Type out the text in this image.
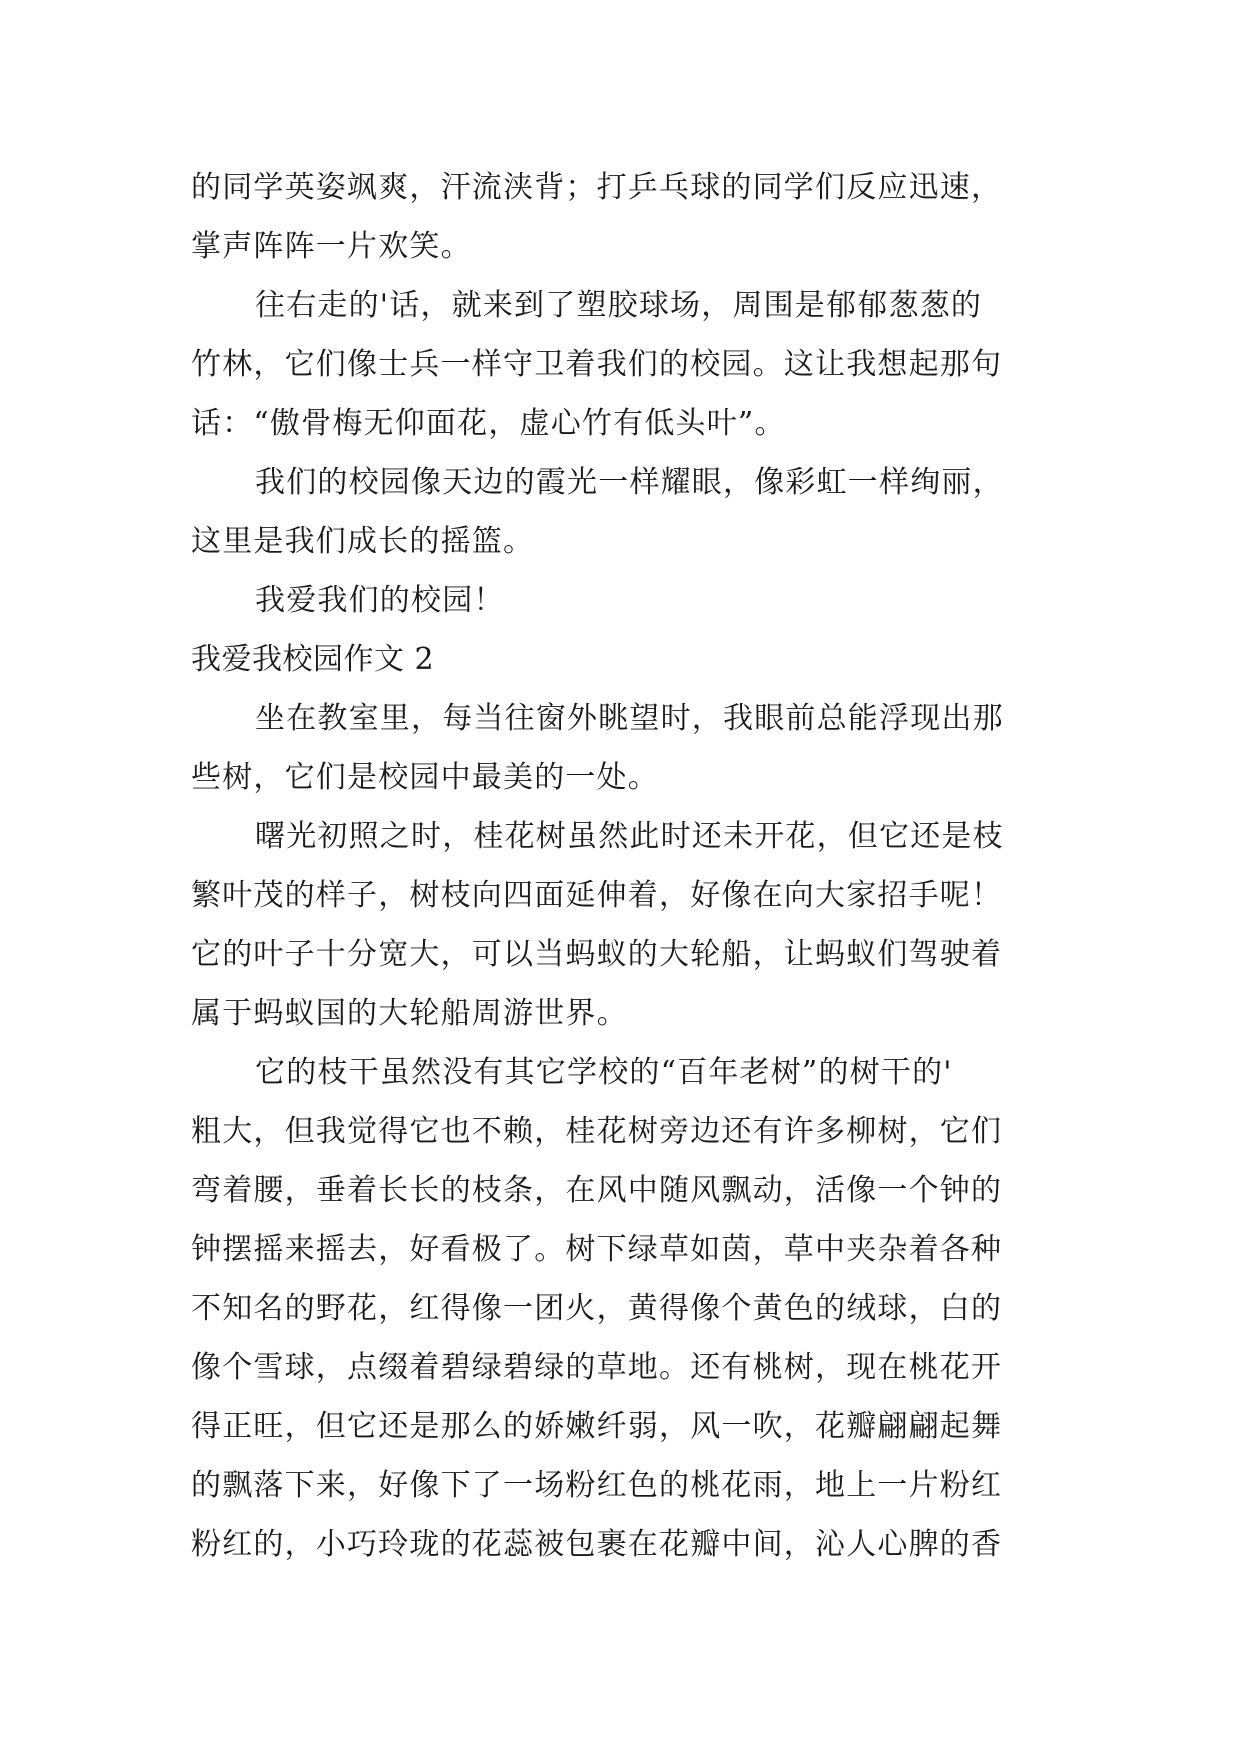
的同学英姿飒爽，汗流浃背；打乒乓球的同学们反应迅速，
掌声阵阵一片欢笑。
往右走的'话，就来到了塑胶球场，周围是郁郁葱葱的
竹林，它们像士兵一样守卫着我们的校园。这让我想起那句
话：“傲骨梅无仰面花，虚心竹有低头叶”。
我们的校园像天边的霞光一样耀眼，像彩虹一样绚丽，
这里是我们成长的摇篮。
我爱我们的校园！
我爱我校园作文 2
坐在教室里，每当往窗外眺望时，我眼前总能浮现出那
些树，它们是校园中最美的一处。
曙光初照之时，桂花树虽然此时还未开花，但它还是枝
繁叶茂的样子，树枝向四面延伸着，好像在向大家招手呢！
它的叶子十分宽大，可以当蚂蚁的大轮船，让蚂蚁们驾驶着
属于蚂蚁国的大轮船周游世界。
它的枝干虽然没有其它学校的“百年老树”的树干的'
粗大，但我觉得它也不赖，桂花树旁边还有许多柳树，它们
弯着腰，垂着长长的枝条，在风中随风飘动，活像一个钟的
钟摆摇来摇去，好看极了。树下绿草如茵，草中夹杂着各种
不知名的野花，红得像一团火，黄得像个黄色的绒球，白的
像个雪球，点缀着碧绿碧绿的草地。还有桃树，现在桃花开
得正旺，但它还是那么的娇嫩纤弱，风一吹，花瓣翩翩起舞
的飘落下来，好像下了一场粉红色的桃花雨，地上一片粉红
粉红的，小巧玲珑的花蕊被包裹在花瓣中间，沁人心脾的香
